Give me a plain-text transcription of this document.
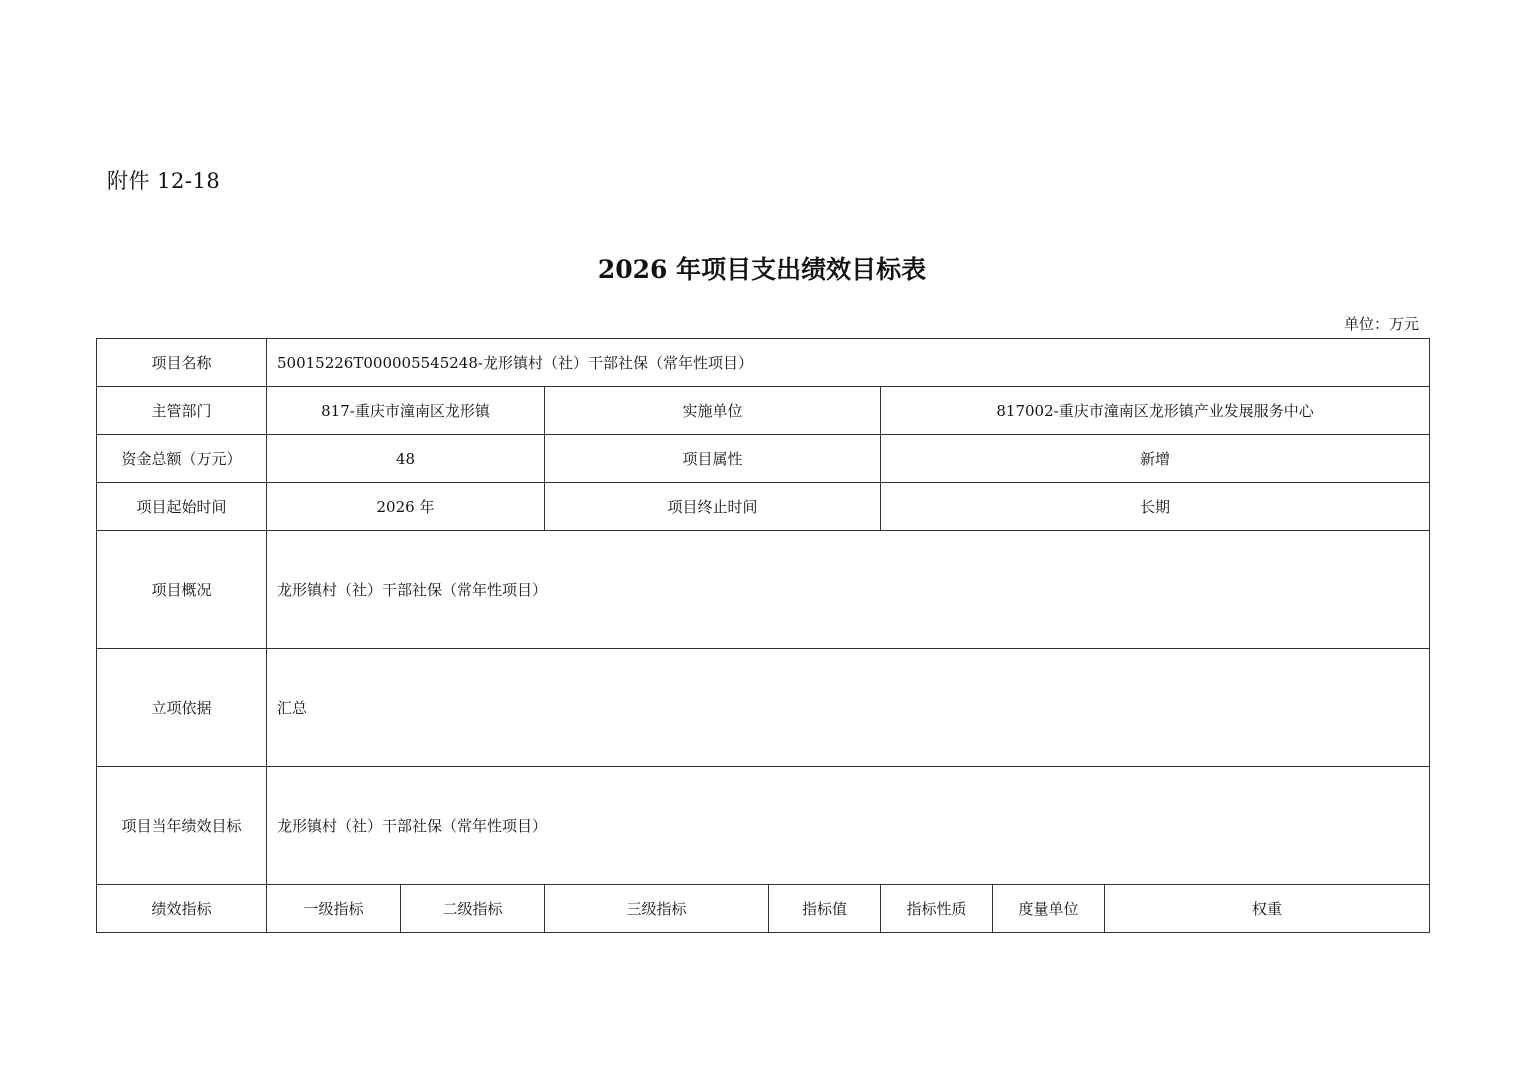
附件 12-18
2026 年项目支出绩效目标表
单位：万元
项目名称	50015226T000005545248-龙形镇村（社）干部社保（常年性项目）						
主管部门	817-重庆市潼南区龙形镇		实施单位		817002-重庆市潼南区龙形镇产业发展服务中心		
资金总额（万元）	48		项目属性		新增		
项目起始时间	2026 年		项目终止时间		长期		
项目概况	龙形镇村（社）干部社保（常年性项目）						
立项依据	汇总						
项目当年绩效目标	龙形镇村（社）干部社保（常年性项目）						
绩效指标	一级指标	二级指标	三级指标	指标值	指标性质	度量单位	权重
